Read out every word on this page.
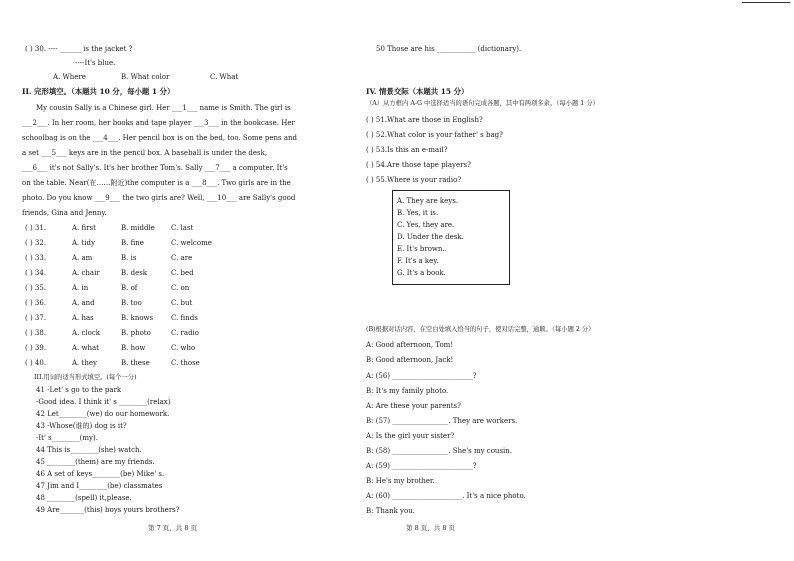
( ) 30. ---- ______ is the jacket ?
----It's blue.
A. Where	B. What color	C. What
II. 完形填空。（本题共 10 分，每小题 1 分）

My cousin Sally is a Chinese girl. Her ___1___ name is Smith. The girl is

___2___. In her room, her books and tape player ___3___ in the bookcase. Her

schoolbag is on the ___4___. Her pencil box is on the bed, too. Some pens and

a set ___5___ keys are in the pencil box. A baseball is under the desk,

___6___ it's not Sally's. It's her brother Tom's. Sally ___7___ a computer. It's

on the table. Near(在……附近)the computer is a ___8___. Two girls are in the

photo. Do you know ___9___ the two girls are? Well, ___10___ are Sally's good

friends, Gina and Jenny.

( ) 31.	A. first	B. middle C. last
( ) 32.	A. tidy	B. fine	C. welcome
( ) 33.	A. am	B. is	C. are
( ) 34.	A. chair	B. desk	C. bed
( ) 35.	A. in	B. of	C. on
( ) 36.	A. and	B. too	C. but
( ) 37.	A. has	B. knows	C. finds
( ) 38.	A. clock	B. photo	C. radio
( ) 39.	A. what	B. how	C. who
( ) 40.	A. they	B. these	C. those
III.用词的适当形式填空。(每个一分)
41 -Let' s go to the park
-Good idea. I think it' s ________(relax)
42 Let________(we) do our homework.
43 -Whose(谁的) dog is it?
-It' s________(my).
44 This is________(she) watch.
45 ________(them) are my friends.
46 A set of keys________(be) Mike' s.
47 Jim and I________(be) classmates
48 ________(spell) it,please.
49 Are_______(this) boys yours brothers?
第 7 页，共 8 页
50 Those are his ___________ (dictionary).
IV. 情景交际（本题共 15 分）
（A）从方框内 A-G 中选择适当的语句完成各题，其中有两项多余。（每小题 1 分）
( ) 51.What are those in English?
( ) 52.What color is your father' s bag?
( ) 53.Is this an e-mail?
( ) 54.Are those tape players?
( ) 55.Where is your radio?
A. They are keys.
B. Yes, it is.
C. Yes, they are.
D. Under the desk.
E. It's brown..
F. It's a key.
G. It's a book.
(B)根据对话内容，在空白处填入恰当的句子，使对话完整，通顺。（每小题 2 分）
A: Good afternoon, Tom!
B: Good afternoon, Jack!
A: (56) _______________________?
B: It's my family photo.
A: Are these your parents?
B: (57) ________________. They are workers.
A: Is the girl your sister?
B: (58) ________________. She's my cousin.
A: (59) _______________________?
B: He's my brother.
A: (60) ____________________. It's a nice photo.
B: Thank you.
第 8 页，共 8 页
